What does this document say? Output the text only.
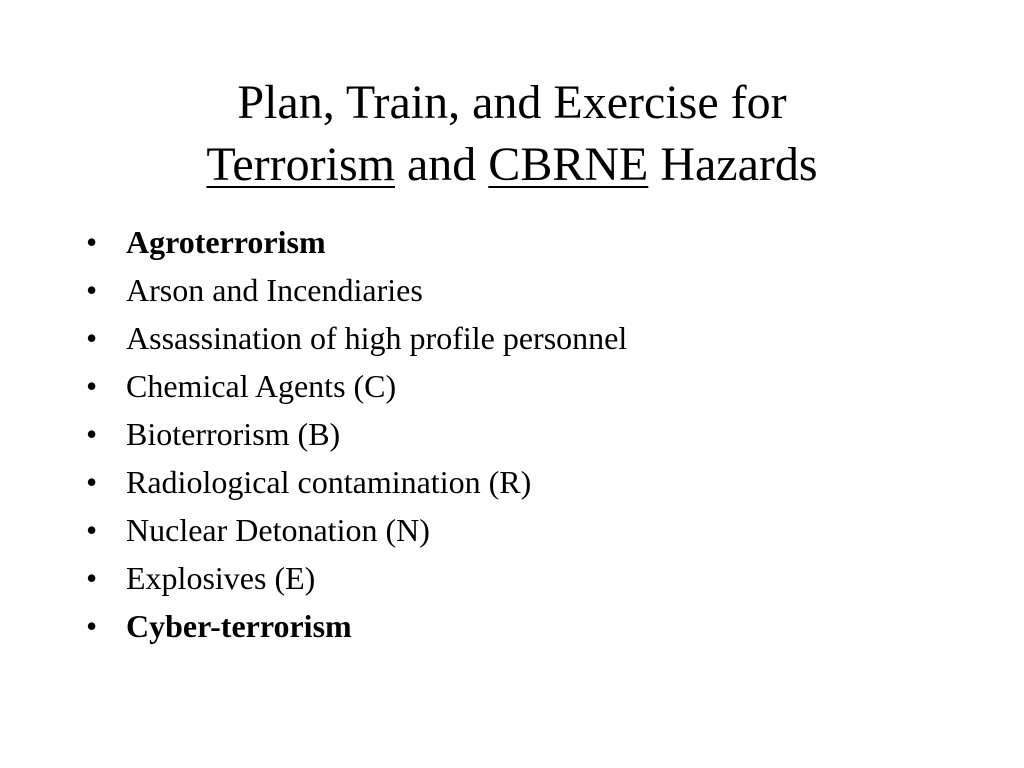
Plan, Train, and Exercise for
Terrorism and CBRNE Hazards
• Agroterrorism
• Arson and Incendiaries
• Assassination of high profile personnel
• Chemical Agents (C)
• Bioterrorism (B)
• Radiological contamination (R)
• Nuclear Detonation (N)
• Explosives (E)
• Cyber-terrorism
